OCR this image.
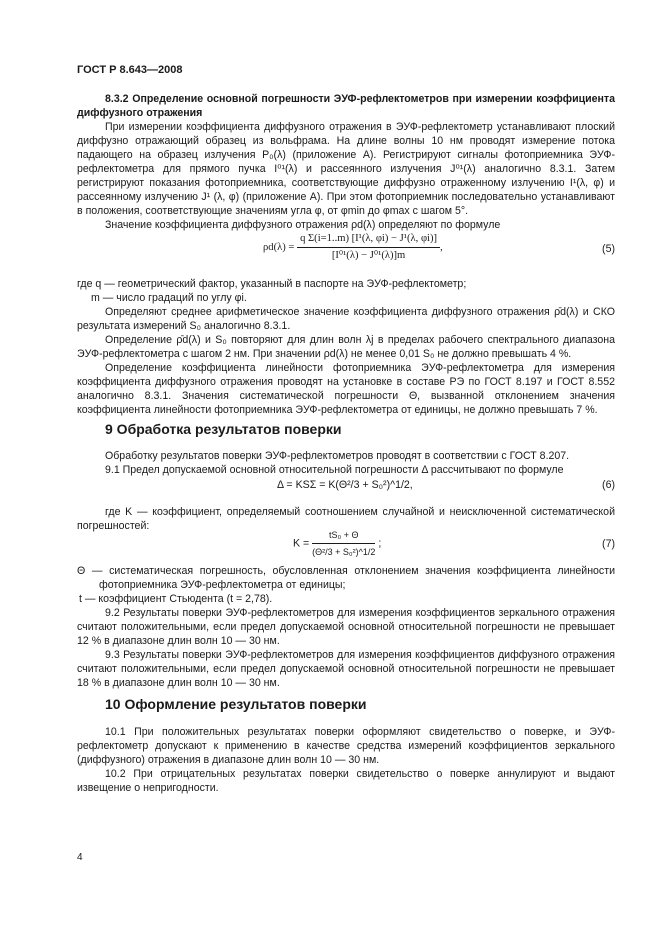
ГОСТ Р 8.643—2008
8.3.2 Определение основной погрешности ЭУФ-рефлектометров при измерении коэффициента диффузного отражения

При измерении коэффициента диффузного отражения в ЭУФ-рефлектометр устанавливают плоский диффузно отражающий образец из вольфрама. На длине волны 10 нм проводят измерение потока падающего на образец излучения P₀(λ) (приложение А). Регистрируют сигналы фотоприемника ЭУФ-рефлектометра для прямого пучка I⁰¹(λ) и рассеянного излучения J⁰¹(λ) аналогично 8.3.1. Затем регистрируют показания фотоприемника, соответствующие диффузно отраженному излучению I¹(λ, φ) и рассеянному излучению J¹ (λ, φ) (приложение А). При этом фотоприемник последовательно устанавливают в положения, соответствующие значениям угла φ, от φmin до φmax с шагом 5°.

Значение коэффициента диффузного отражения ρd(λ) определяют по формуле

$\rho d(\lambda) = \frac{\text{q Σ(i=1..m) [I¹(λ, φi) − J¹(λ, φi)]}}{\text{[I⁰¹(λ) − J⁰¹(λ)]m}}$ ,	(5)

где q — геометрический фактор, указанный в паспорте на ЭУФ-рефлектометр;

m — число градаций по углу φi.

Определяют среднее арифметическое значение коэффициента диффузного отражения ρ̄d(λ) и СКО результата измерений S₀ аналогично 8.3.1.

Определение ρ̄d(λ) и S₀ повторяют для длин волн λj в пределах рабочего спектрального диапазона ЭУФ-рефлектометра с шагом 2 нм. При значении ρd(λ) не менее 0,01 S₀ не должно превышать 4 %.

Определение коэффициента линейности фотоприемника ЭУФ-рефлектометра для измерения коэффициента диффузного отражения проводят на установке в составе РЭ по ГОСТ 8.197 и ГОСТ 8.552 аналогично 8.3.1. Значения систематической погрешности Θ, вызванной отклонением значения коэффициента линейности фотоприемника ЭУФ-рефлектометра от единицы, не должно превышать 7 %.

9 Обработка результатов поверки

Обработку результатов поверки ЭУФ-рефлектометров проводят в соответствии с ГОСТ 8.207.

9.1 Предел допускаемой основной относительной погрешности Δ рассчитывают по формуле

Δ = KSΣ = K(Θ²/3 + S₀²)^1/2,	(6)

где K — коэффициент, определяемый соотношением случайной и неисключенной систематической погрешностей:

$K = \frac{\text{tS₀ + Θ}}{\text{(Θ²/3 + S₀²)\textasciicircum{}1/2}}$ ;	(7)

Θ — систематическая погрешность, обусловленная отклонением значения коэффициента линейности фотоприемника ЭУФ-рефлектометра от единицы;

t — коэффициент Стьюдента (t = 2,78).

9.2 Результаты поверки ЭУФ-рефлектометров для измерения коэффициентов зеркального отражения считают положительными, если предел допускаемой основной относительной погрешности не превышает 12 % в диапазоне длин волн 10 — 30 нм.

9.3 Результаты поверки ЭУФ-рефлектометров для измерения коэффициентов диффузного отражения считают положительными, если предел допускаемой основной относительной погрешности не превышает 18 % в диапазоне длин волн 10 — 30 нм.

10 Оформление результатов поверки

10.1 При положительных результатах поверки оформляют свидетельство о поверке, и ЭУФ-рефлектометр допускают к применению в качестве средства измерений коэффициентов зеркального (диффузного) отражения в диапазоне длин волн 10 — 30 нм.

10.2 При отрицательных результатах поверки свидетельство о поверке аннулируют и выдают извещение о непригодности.

4
